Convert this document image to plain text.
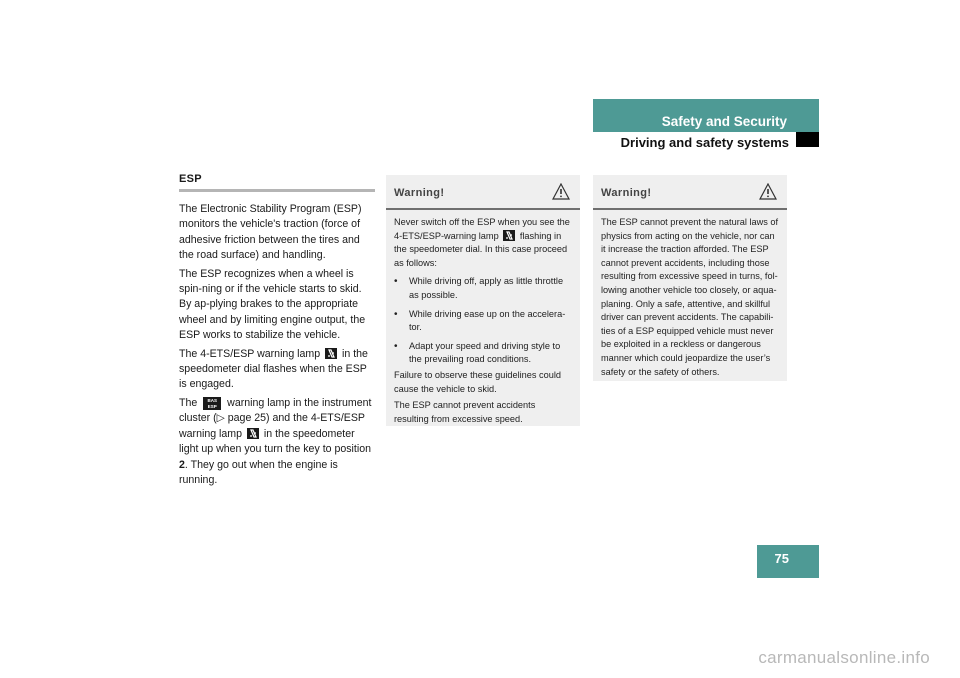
Safety and Security
Driving and safety systems
ESP

The Electronic Stability Program (ESP) monitors the vehicle's traction (force of adhesive friction between the tires and the road surface) and handling.

The ESP recognizes when a wheel is spin-ning or if the vehicle starts to skid. By ap-plying brakes to the appropriate wheel and by limiting engine output, the ESP works to stabilize the vehicle.

The 4-ETS/ESP warning lamp in the speedometer dial flashes when the ESP is engaged.

The BAS ESP warning lamp in the instrument cluster (▷ page 25) and the 4-ETS/ESP warning lamp in the speedometer light up when you turn the key to position 2. They go out when the engine is running.

Warning!

Never switch off the ESP when you see the 4-ETS/ESP-warning lamp flashing in the speedometer dial. In this case proceed as follows:

•	While driving off, apply as little throttle as possible.
•	While driving ease up on the accelera-tor.
•	Adapt your speed and driving style to the prevailing road conditions.

Failure to observe these guidelines could cause the vehicle to skid.

The ESP cannot prevent accidents resulting from excessive speed.

Warning!

The ESP cannot prevent the natural laws of physics from acting on the vehicle, nor can it increase the traction afforded. The ESP cannot prevent accidents, including those resulting from excessive speed in turns, fol-lowing another vehicle too closely, or aqua-planing. Only a safe, attentive, and skillful driver can prevent accidents. The capabili-ties of a ESP equipped vehicle must never be exploited in a reckless or dangerous manner which could jeopardize the user’s safety or the safety of others.

75
carmanualsonline.info
